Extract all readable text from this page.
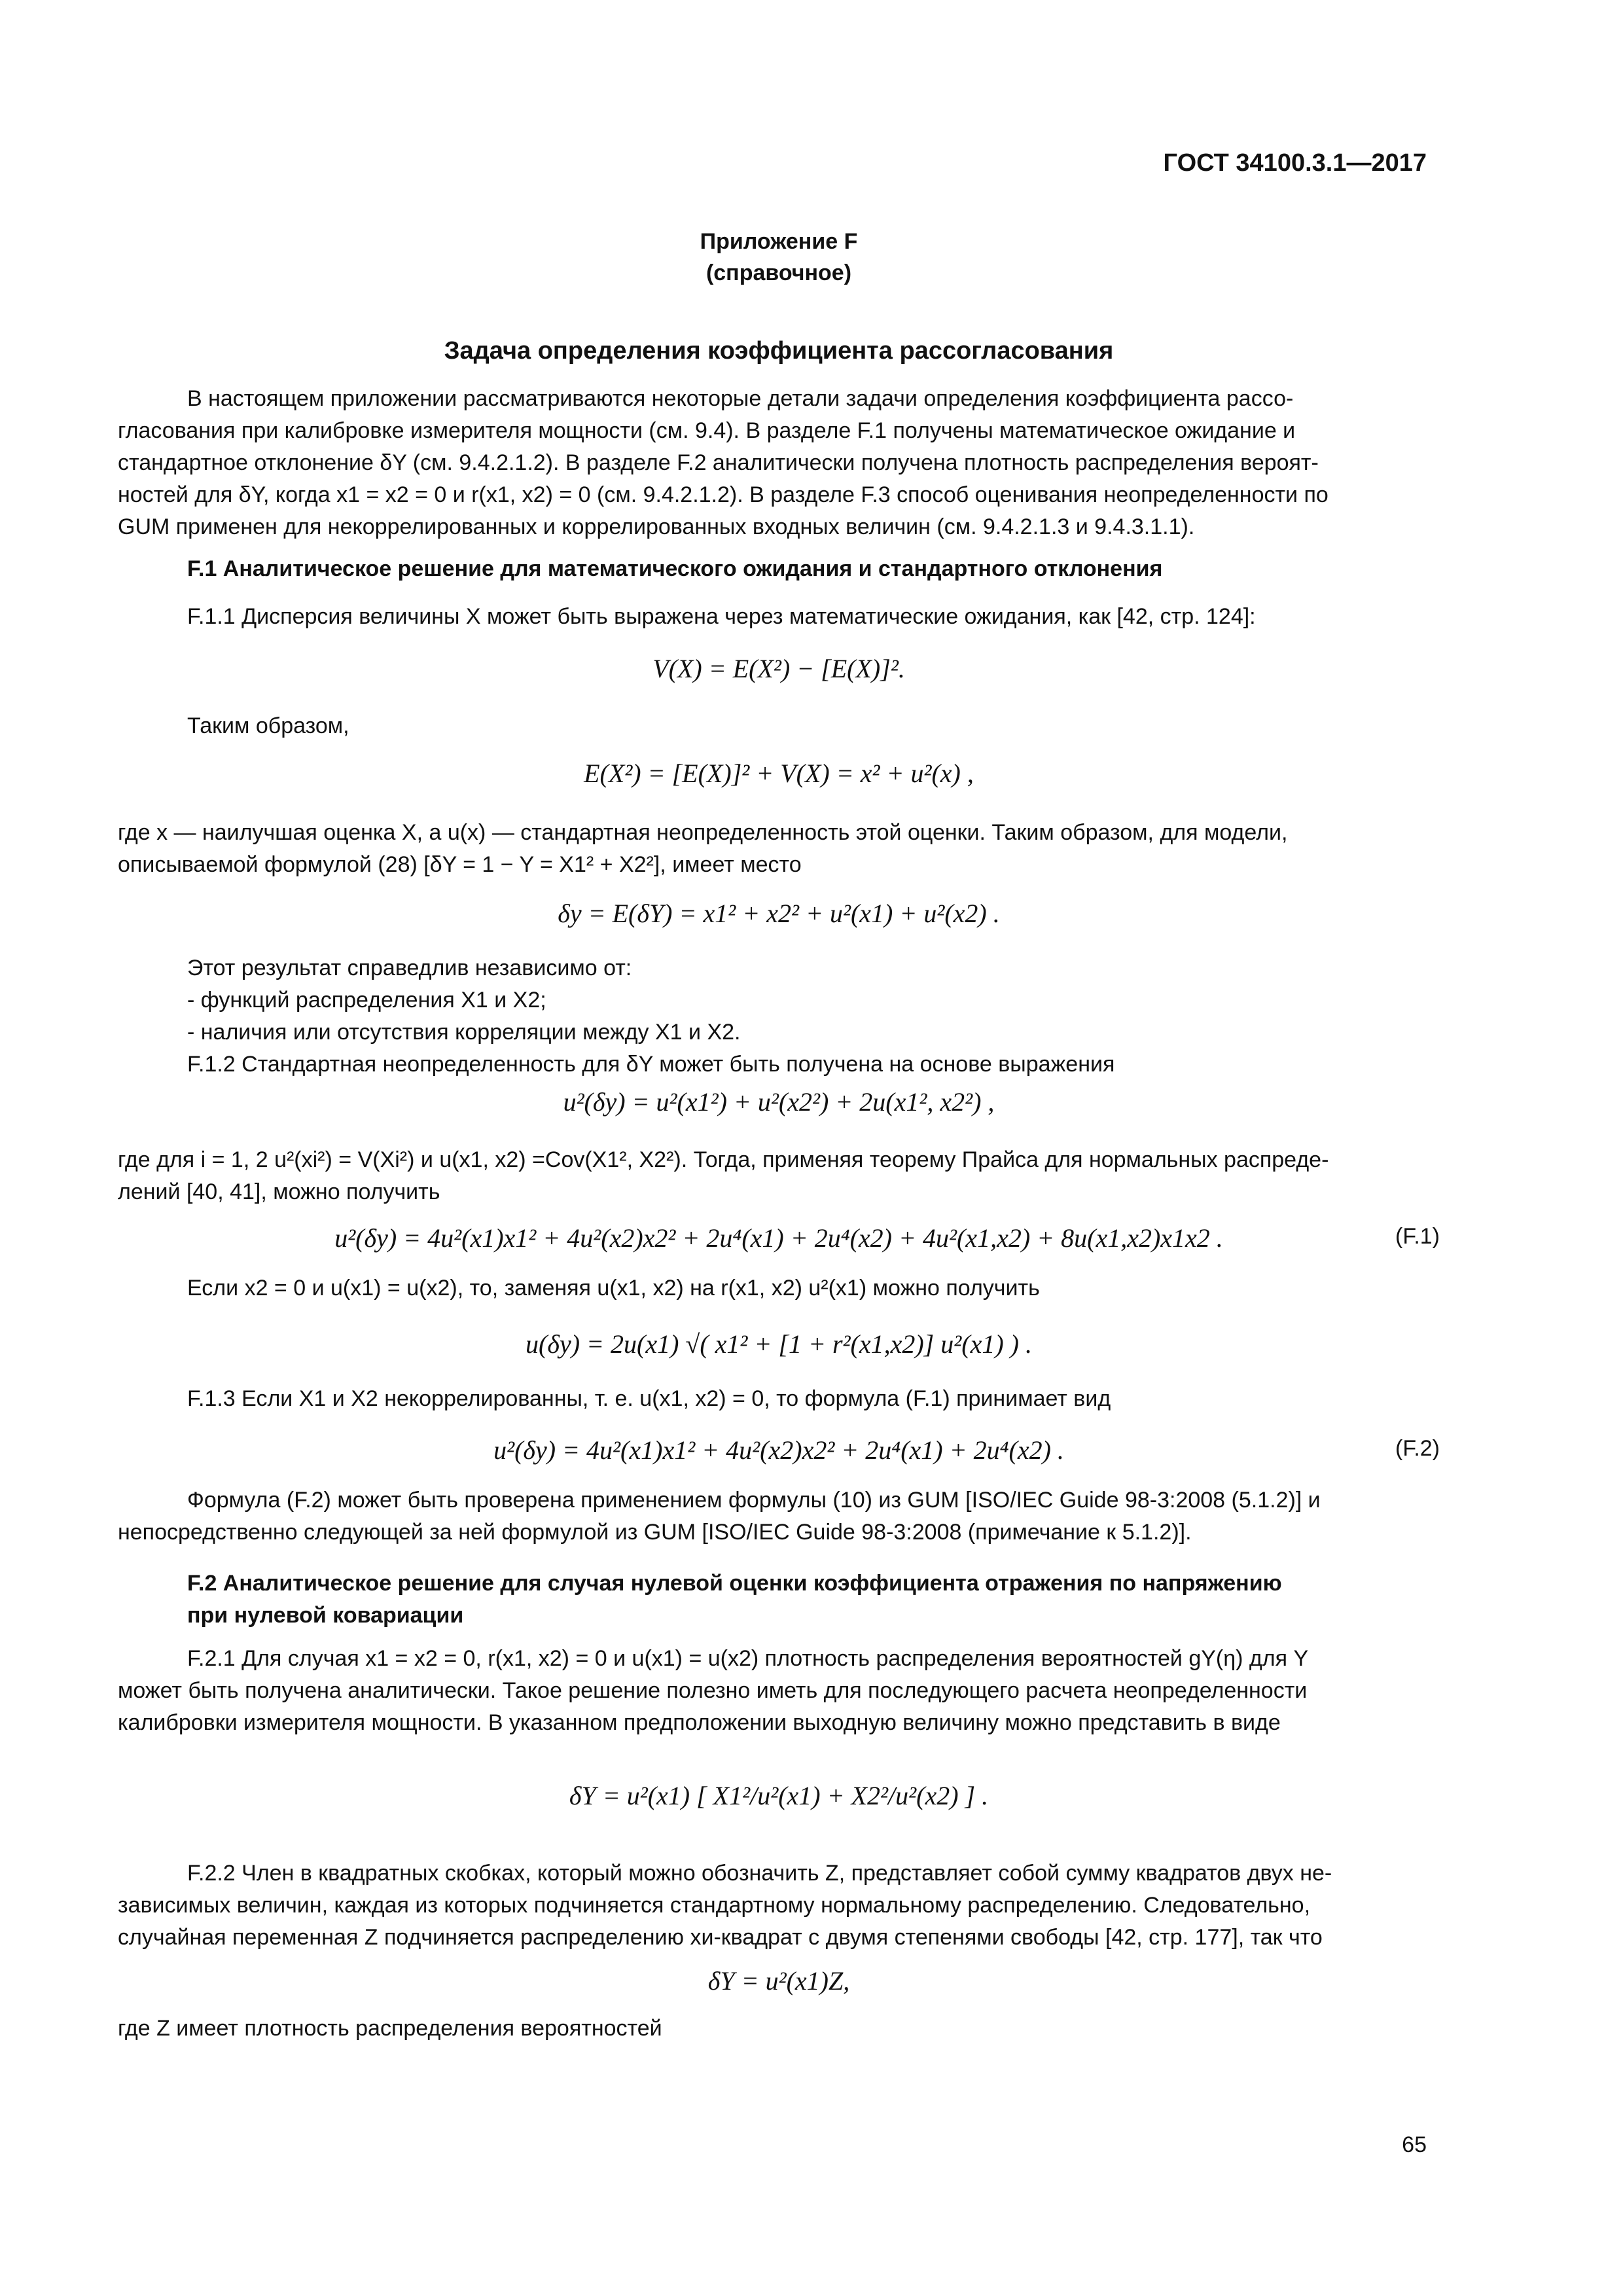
ГОСТ 34100.3.1—2017
Приложение F
(справочное)
Задача определения коэффициента рассогласования
В настоящем приложении рассматриваются некоторые детали задачи определения коэффициента рассо-
гласования при калибровке измерителя мощности (см. 9.4). В разделе F.1 получены математическое ожидание и
стандартное отклонение δY (см. 9.4.2.1.2). В разделе F.2 аналитически получена плотность распределения вероят-
ностей для δY, когда x1 = x2 = 0 и r(x1, x2) = 0 (см. 9.4.2.1.2). В разделе F.3 способ оценивания неопределенности по
GUM применен для некоррелированных и коррелированных входных величин (см. 9.4.2.1.3 и 9.4.3.1.1).
F.1 Аналитическое решение для математического ожидания и стандартного отклонения
F.1.1 Дисперсия величины X может быть выражена через математические ожидания, как [42, стр. 124]:
V(X) = E(X²) − [E(X)]².
Таким образом,
E(X²) = [E(X)]² + V(X) = x² + u²(x) ,
где x — наилучшая оценка X, а u(x) — стандартная неопределенность этой оценки. Таким образом, для модели,
описываемой формулой (28) [δY = 1 − Y = X1² + X2²], имеет место
δy = E(δY) = x1² + x2² + u²(x1) + u²(x2) .
Этот результат справедлив независимо от:
- функций распределения X1 и X2;
- наличия или отсутствия корреляции между X1 и X2.
F.1.2 Стандартная неопределенность для δY может быть получена на основе выражения
u²(δy) = u²(x1²) + u²(x2²) + 2u(x1², x2²) ,
где для i = 1, 2 u²(xi²) = V(Xi²) и u(x1, x2) =Cov(X1², X2²). Тогда, применяя теорему Прайса для нормальных распреде-
лений [40, 41], можно получить
u²(δy) = 4u²(x1)x1² + 4u²(x2)x2² + 2u⁴(x1) + 2u⁴(x2) + 4u²(x1,x2) + 8u(x1,x2)x1x2 .	(F.1)
Если x2 = 0 и u(x1) = u(x2), то, заменяя u(x1, x2) на r(x1, x2) u²(x1) можно получить
u(δy) = 2u(x1) √( x1² + [1 + r²(x1,x2)] u²(x1) ) .
F.1.3 Если X1 и X2 некоррелированны, т. е. u(x1, x2) = 0, то формула (F.1) принимает вид
u²(δy) = 4u²(x1)x1² + 4u²(x2)x2² + 2u⁴(x1) + 2u⁴(x2) .	(F.2)
Формула (F.2) может быть проверена применением формулы (10) из GUM [ISO/IEC Guide 98-3:2008 (5.1.2)] и
непосредственно следующей за ней формулой из GUM [ISO/IEC Guide 98-3:2008 (примечание к 5.1.2)].
F.2 Аналитическое решение для случая нулевой оценки коэффициента отражения по напряжению
при нулевой ковариации
F.2.1 Для случая x1 = x2 = 0, r(x1, x2) = 0 и u(x1) = u(x2) плотность распределения вероятностей gY(η) для Y
может быть получена аналитически. Такое решение полезно иметь для последующего расчета неопределенности
калибровки измерителя мощности. В указанном предположении выходную величину можно представить в виде
δY = u²(x1) [ X1²/u²(x1) + X2²/u²(x2) ] .
F.2.2 Член в квадратных скобках, который можно обозначить Z, представляет собой сумму квадратов двух не-
зависимых величин, каждая из которых подчиняется стандартному нормальному распределению. Следовательно,
случайная переменная Z подчиняется распределению хи-квадрат с двумя степенями свободы [42, стр. 177], так что
δY = u²(x1)Z,
где Z имеет плотность распределения вероятностей
65
